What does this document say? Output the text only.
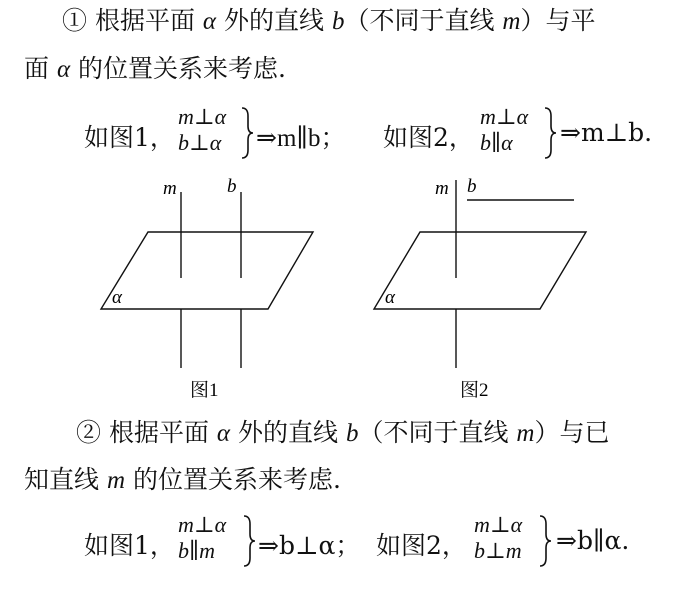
① 根据平面 α 外的直线 b（不同于直线 m）与平
面 α 的位置关系来考虑.
如图1，
m⊥α
b⊥α ⇒m∥b； 如图2，
m⊥α
b∥α	⇒m⊥b.
m	b
α
图1
m b
α
图2
② 根据平面 α 外的直线 b（不同于直线 m）与已
知直线 m 的位置关系来考虑.
如图1，
m⊥α
b∥m	⇒b⊥α； 如图2，
m⊥α
b⊥m ⇒b∥α.
